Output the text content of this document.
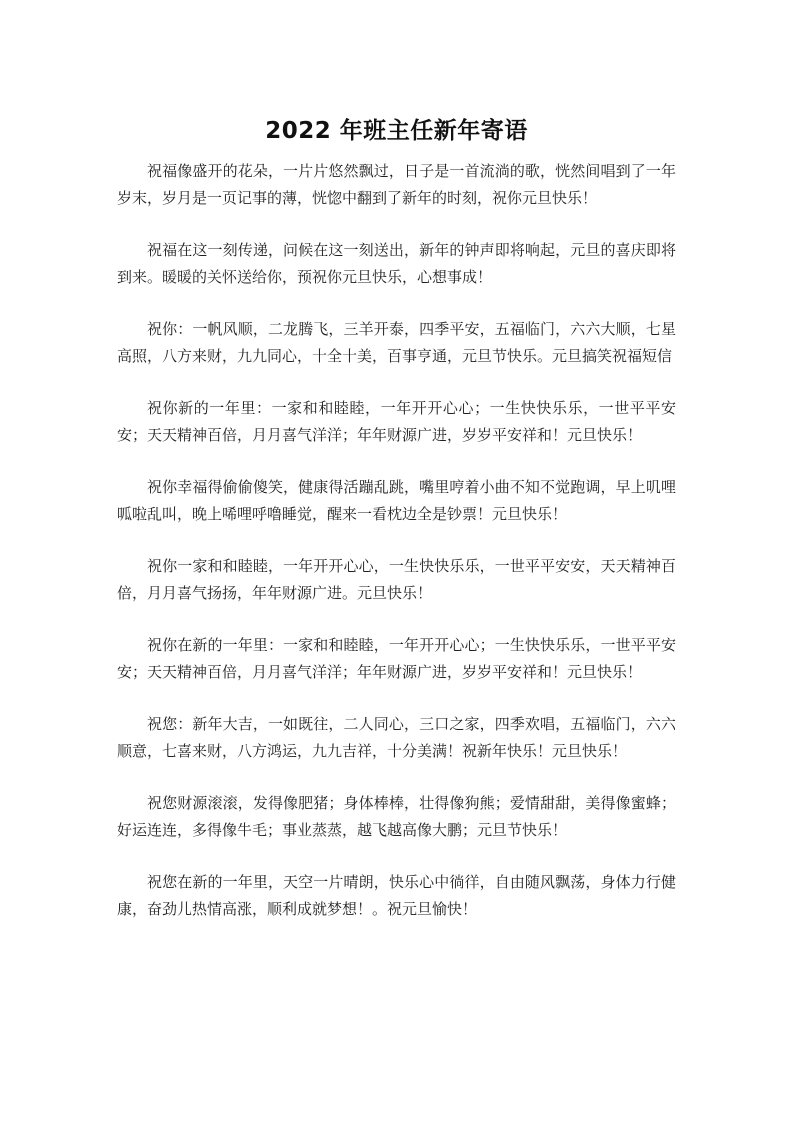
2022 年班主任新年寄语

祝福像盛开的花朵，一片片悠然飘过，日子是一首流淌的歌，恍然间唱到了一年岁末，岁月是一页记事的薄，恍惚中翻到了新年的时刻，祝你元旦快乐！

祝福在这一刻传递，问候在这一刻送出，新年的钟声即将响起，元旦的喜庆即将到来。暖暖的关怀送给你，预祝你元旦快乐，心想事成！

祝你：一帆风顺，二龙腾飞，三羊开泰，四季平安，五福临门，六六大顺，七星高照，八方来财，九九同心，十全十美，百事亨通，元旦节快乐。元旦搞笑祝福短信

祝你新的一年里：一家和和睦睦，一年开开心心；一生快快乐乐，一世平平安安；天天精神百倍，月月喜气洋洋；年年财源广进，岁岁平安祥和！元旦快乐！

祝你幸福得偷偷傻笑，健康得活蹦乱跳，嘴里哼着小曲不知不觉跑调，早上叽哩呱啦乱叫，晚上唏哩呼噜睡觉，醒来一看枕边全是钞票！元旦快乐！

祝你一家和和睦睦，一年开开心心，一生快快乐乐，一世平平安安，天天精神百倍，月月喜气扬扬，年年财源广进。元旦快乐！

祝你在新的一年里：一家和和睦睦，一年开开心心；一生快快乐乐，一世平平安安；天天精神百倍，月月喜气洋洋；年年财源广进，岁岁平安祥和！元旦快乐！

祝您：新年大吉，一如既往，二人同心，三口之家，四季欢唱，五福临门，六六顺意，七喜来财，八方鸿运，九九吉祥，十分美满！祝新年快乐！元旦快乐！

祝您财源滚滚，发得像肥猪；身体棒棒，壮得像狗熊；爱情甜甜，美得像蜜蜂；好运连连，多得像牛毛；事业蒸蒸，越飞越高像大鹏；元旦节快乐！

祝您在新的一年里，天空一片晴朗，快乐心中徜徉，自由随风飘荡，身体力行健康，奋劲儿热情高涨，顺利成就梦想！。祝元旦愉快！
